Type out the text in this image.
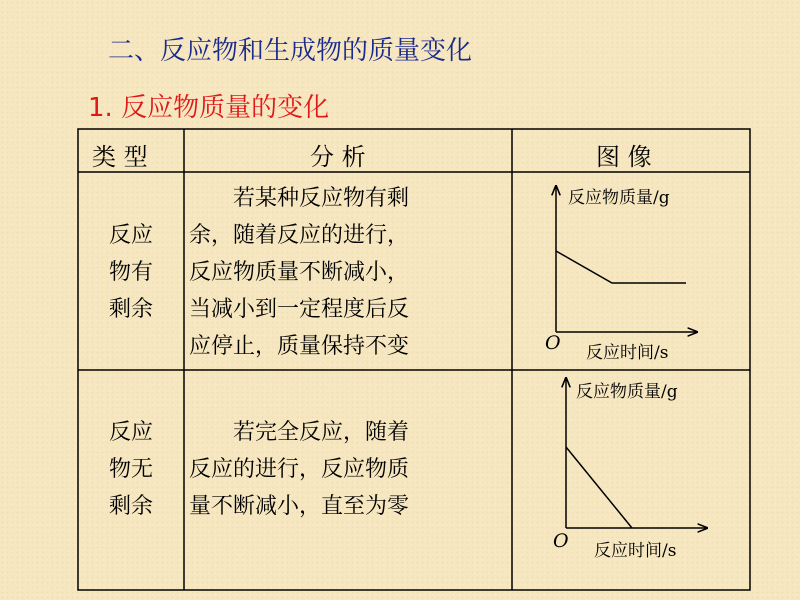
二、反应物和生成物的质量变化
1. 反应物质量的变化
类 型	分 析	图 像
反应
物有
剩余
　　若某种反应物有剩
余，随着反应的进行，
反应物质量不断减小，
当减小到一定程度后反
应停止，质量保持不变
反应物质量/g
反应时间/s
O
反应
物无
剩余
　　若完全反应，随着
反应的进行，反应物质
量不断减小，直至为零
反应物质量/g
反应时间/s
O
